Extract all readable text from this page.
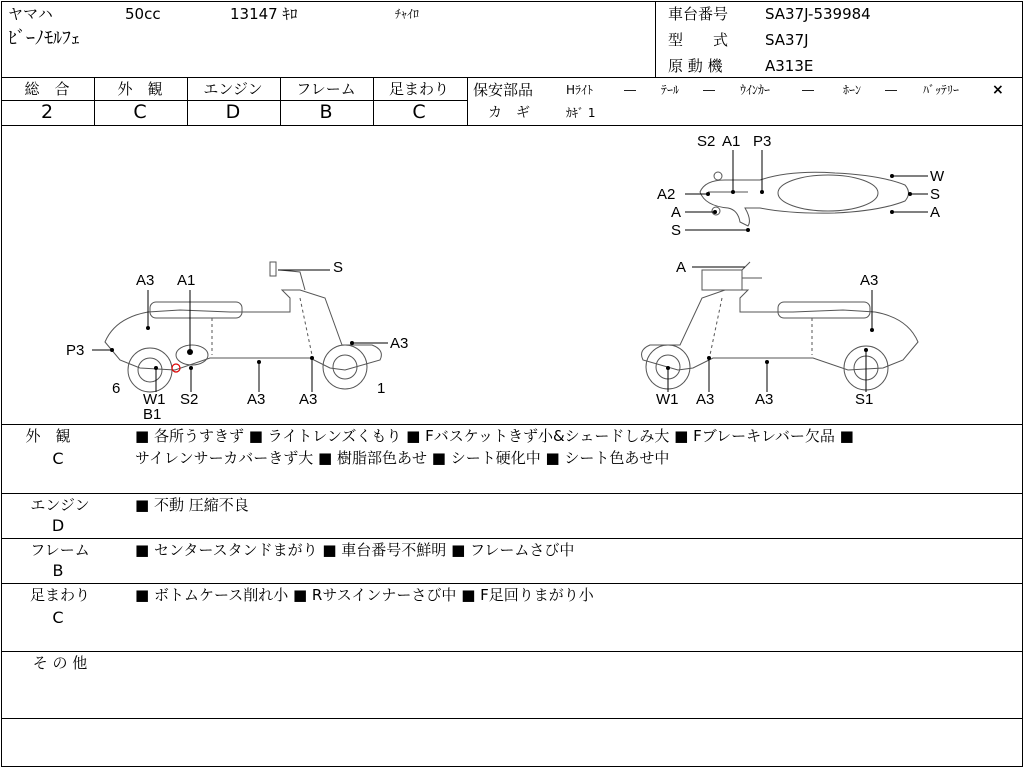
ヤマハ	50cc	13147 ｷﾛ	ﾁｬｲﾛ
ﾋﾞｰﾉﾓﾙﾌｪ
車台番号 SA37J-539984
型　　式 SA37J
原 動 機	A313E
総　合	外　観	エンジン	フレーム	足まわり
2	C	D	B	C
保安部品	Hﾗｲﾄ	― ﾃｰﾙ ― ｳｲﾝｶｰ	― ﾎｰﾝ ― ﾊﾞｯﾃﾘｰ ×
カ　ギ	ｶｷﾞ 1
S2 A1 P3
W
A2	S
A
S
A
S
A3 A1
P3	A3
6
W1
B1
S2	A3 A3
1
A
A3
W1 A3	A3	S1
外　観
C
■ 各所うすきず ■ ライトレンズくもり ■ Fバスケットきず小&シェードしみ大 ■ Fブレーキレバー欠品 ■
サイレンサーカバーきず大 ■ 樹脂部色あせ ■ シート硬化中 ■ シート色あせ中
エンジン
D
■ 不動 圧縮不良
フレーム
B
■ センタースタンドまがり ■ 車台番号不鮮明 ■ フレームさび中
足まわり
C
■ ボトムケース削れ小 ■ Rサスインナーさび中 ■ F足回りまがり小
そ の 他
